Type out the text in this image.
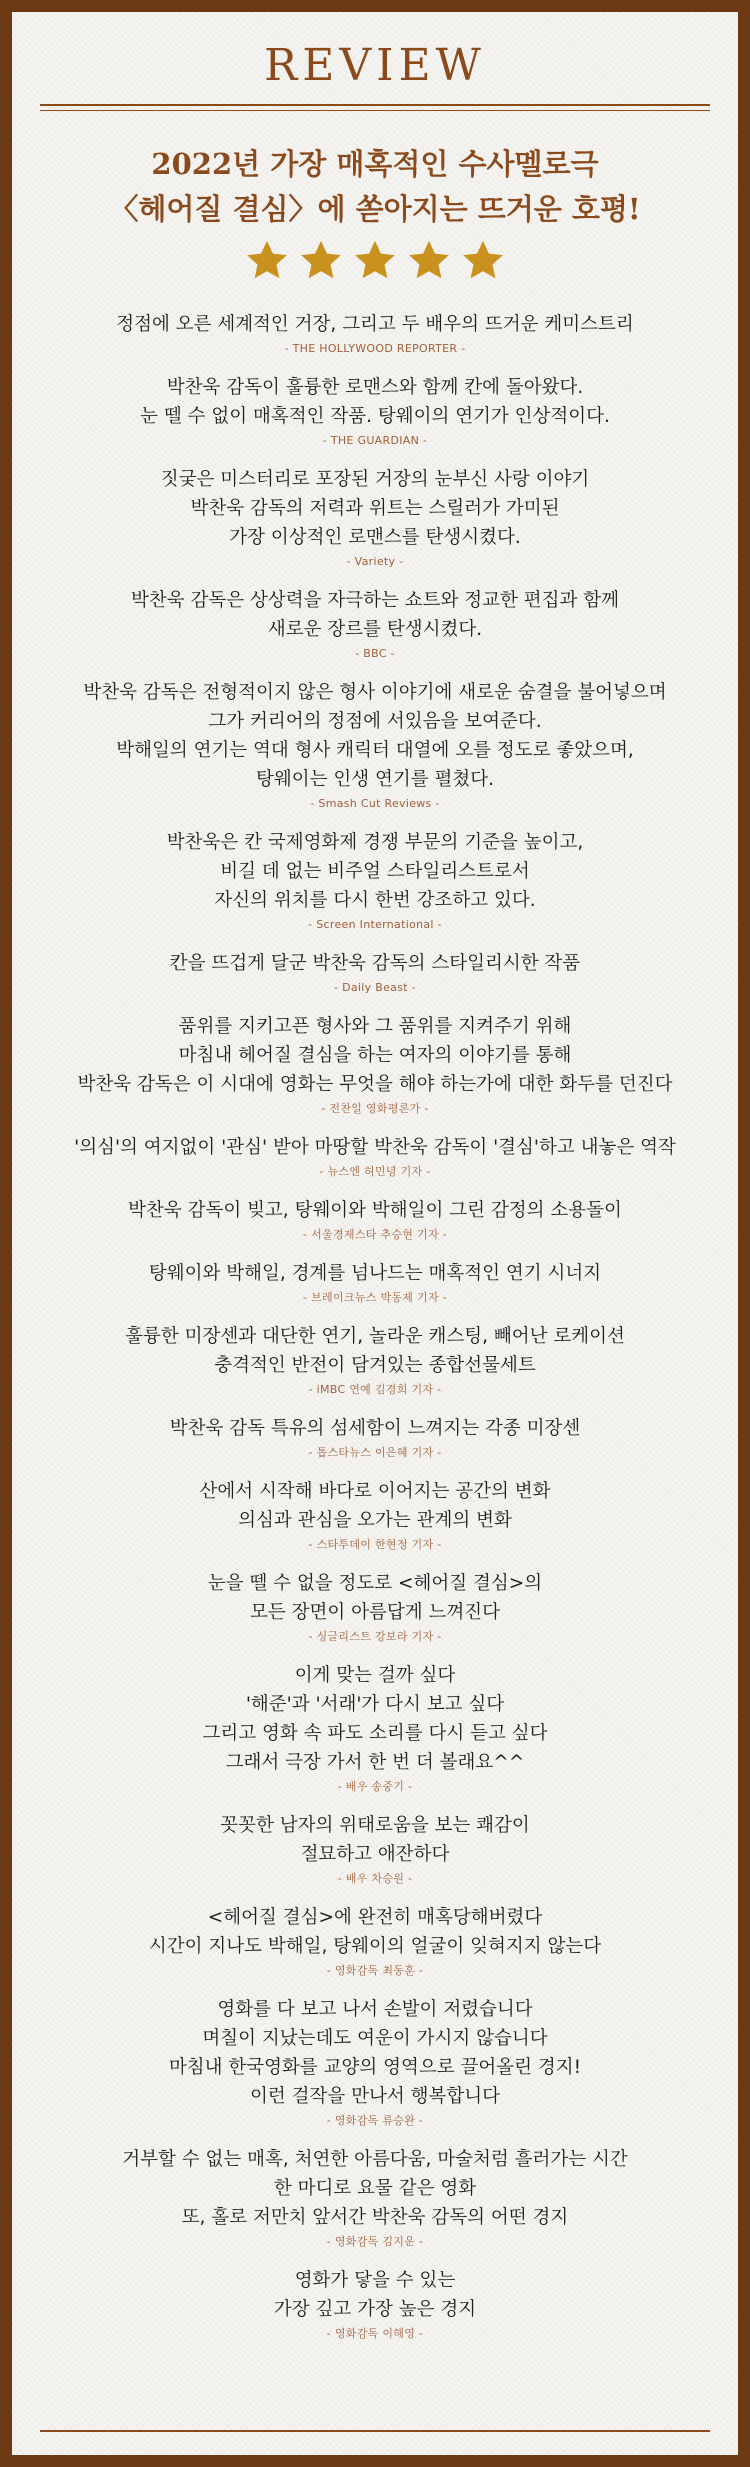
REVIEW
2022년 가장 매혹적인 수사멜로극
〈헤어질 결심〉에 쏟아지는 뜨거운 호평!
정점에 오른 세계적인 거장, 그리고 두 배우의 뜨거운 케미스트리
- THE HOLLYWOOD REPORTER -
박찬욱 감독이 훌륭한 로맨스와 함께 칸에 돌아왔다.
눈 뗄 수 없이 매혹적인 작품. 탕웨이의 연기가 인상적이다.
- THE GUARDIAN -
짓궂은 미스터리로 포장된 거장의 눈부신 사랑 이야기
박찬욱 감독의 저력과 위트는 스릴러가 가미된
가장 이상적인 로맨스를 탄생시켰다.
- Variety -
박찬욱 감독은 상상력을 자극하는 쇼트와 정교한 편집과 함께
새로운 장르를 탄생시켰다.
- BBC -
박찬욱 감독은 전형적이지 않은 형사 이야기에 새로운 숨결을 불어넣으며
그가 커리어의 정점에 서있음을 보여준다.
박해일의 연기는 역대 형사 캐릭터 대열에 오를 정도로 좋았으며,
탕웨이는 인생 연기를 펼쳤다.
- Smash Cut Reviews -
박찬욱은 칸 국제영화제 경쟁 부문의 기준을 높이고,
비길 데 없는 비주얼 스타일리스트로서
자신의 위치를 다시 한번 강조하고 있다.
- Screen International -
칸을 뜨겁게 달군 박찬욱 감독의 스타일리시한 작품
- Daily Beast -
품위를 지키고픈 형사와 그 품위를 지켜주기 위해
마침내 헤어질 결심을 하는 여자의 이야기를 통해
박찬욱 감독은 이 시대에 영화는 무엇을 해야 하는가에 대한 화두를 던진다
- 전찬일 영화평론가 -
'의심'의 여지없이 '관심' 받아 마땅할 박찬욱 감독이 '결심'하고 내놓은 역작
- 뉴스엔 허민녕 기자 -
박찬욱 감독이 빚고, 탕웨이와 박해일이 그린 감정의 소용돌이
- 서울경제스타 추승현 기자 -
탕웨이와 박해일, 경계를 넘나드는 매혹적인 연기 시너지
- 브레이크뉴스 박동제 기자 -
훌륭한 미장센과 대단한 연기, 놀라운 캐스팅, 빼어난 로케이션
충격적인 반전이 담겨있는 종합선물세트
- iMBC 연예 김경희 기자 -
박찬욱 감독 특유의 섬세함이 느껴지는 각종 미장센
- 톱스타뉴스 이은혜 기자 -
산에서 시작해 바다로 이어지는 공간의 변화
의심과 관심을 오가는 관계의 변화
- 스타투데이 한현정 기자 -
눈을 뗄 수 없을 정도로 <헤어질 결심>의
모든 장면이 아름답게 느껴진다
- 싱글리스트 강보라 기자 -
이게 맞는 걸까 싶다
'해준'과 '서래'가 다시 보고 싶다
그리고 영화 속 파도 소리를 다시 듣고 싶다
그래서 극장 가서 한 번 더 볼래요^^
- 배우 송중기 -
꼿꼿한 남자의 위태로움을 보는 쾌감이
절묘하고 애잔하다
- 배우 차승원 -
<헤어질 결심>에 완전히 매혹당해버렸다
시간이 지나도 박해일, 탕웨이의 얼굴이 잊혀지지 않는다
- 영화감독 최동훈 -
영화를 다 보고 나서 손발이 저렸습니다
며칠이 지났는데도 여운이 가시지 않습니다
마침내 한국영화를 교양의 영역으로 끌어올린 경지!
이런 걸작을 만나서 행복합니다
- 영화감독 류승완 -
거부할 수 없는 매혹, 처연한 아름다움, 마술처럼 흘러가는 시간
한 마디로 요물 같은 영화
또, 홀로 저만치 앞서간 박찬욱 감독의 어떤 경지
- 영화감독 김지운 -
영화가 닿을 수 있는
가장 깊고 가장 높은 경지
- 영화감독 이해영 -
